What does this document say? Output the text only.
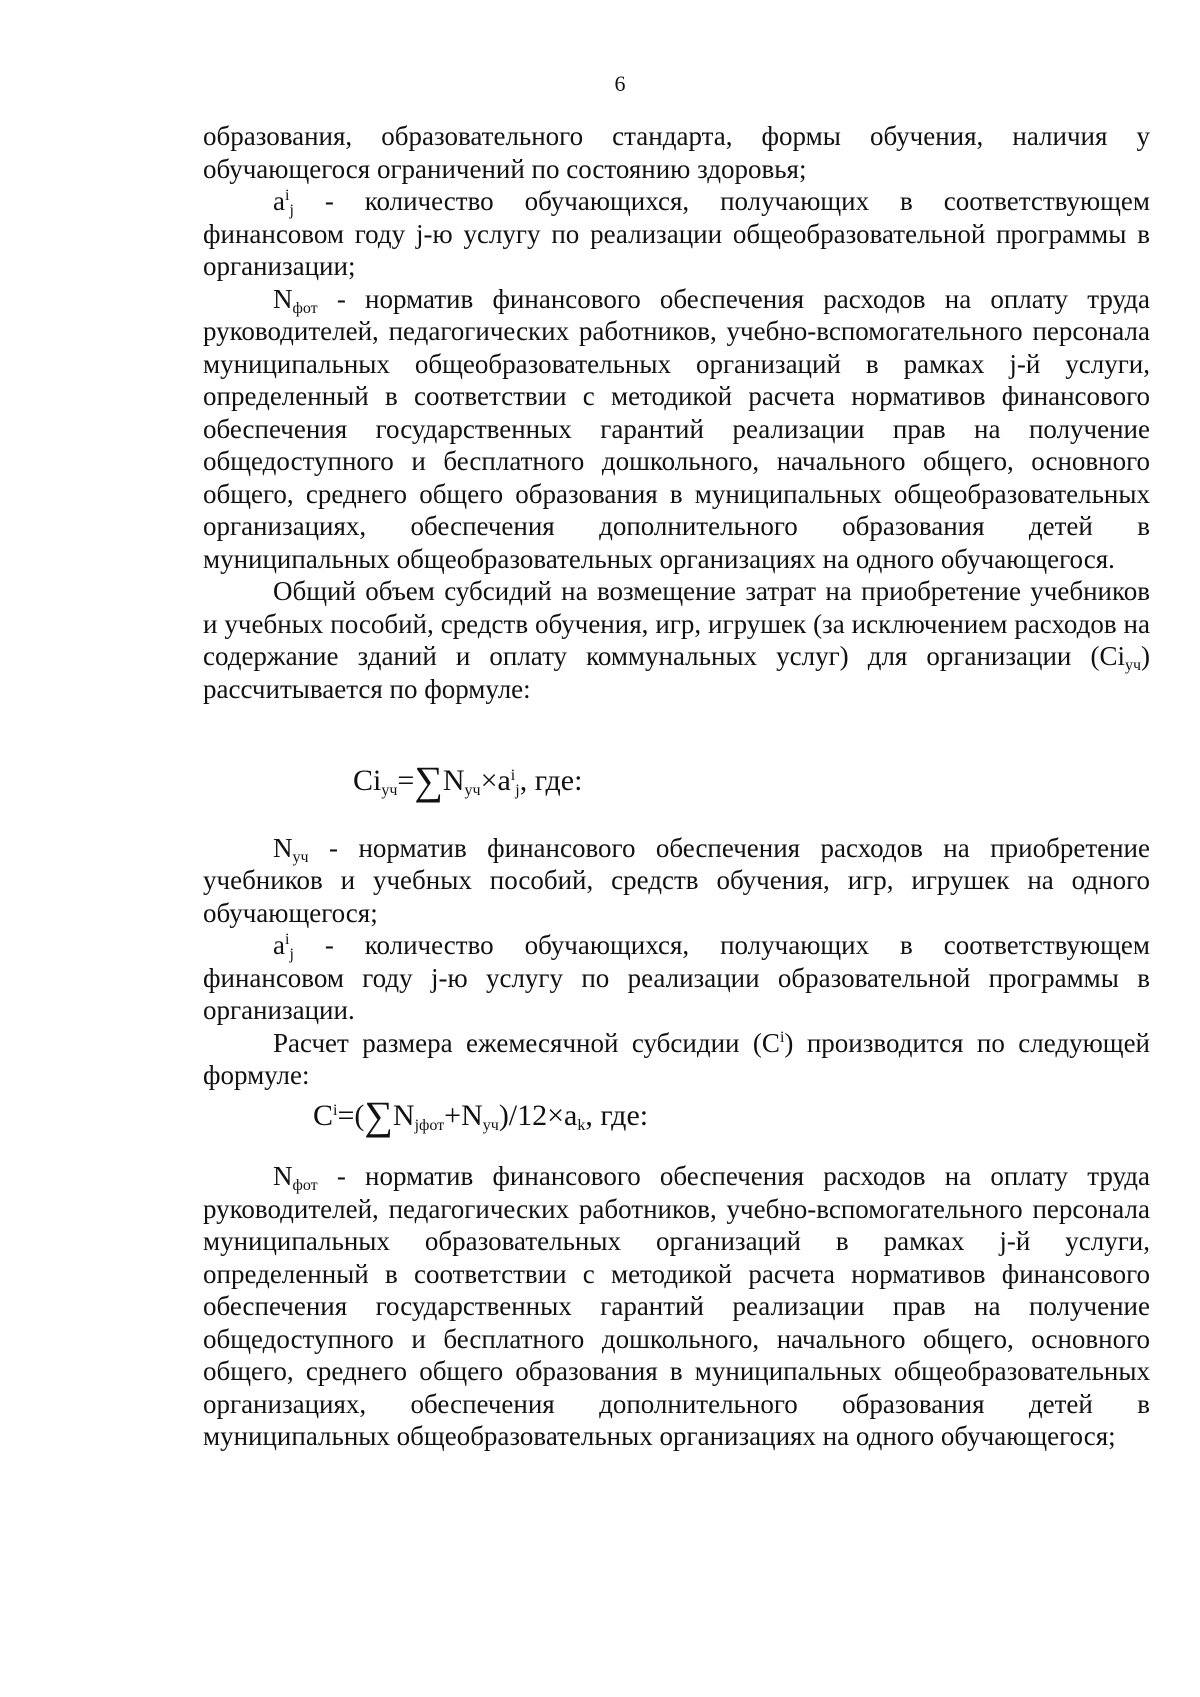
6

образования, образовательного стандарта, формы обучения, наличия у обучающегося ограничений по состоянию здоровья;

$a^i_j$ - количество обучающихся, получающих в соответствующем финансовом году j-ю услугу по реализации общеобразовательной программы в организации;

$N_{фот}$ - норматив финансового обеспечения расходов на оплату труда руководителей, педагогических работников, учебно-вспомогательного персонала муниципальных общеобразовательных организаций в рамках j-й услуги, определенный в соответствии с методикой расчета нормативов финансового обеспечения государственных гарантий реализации прав на получение общедоступного и бесплатного дошкольного, начального общего, основного общего, среднего общего образования в муниципальных общеобразовательных организациях, обеспечения дополнительного образования детей в муниципальных общеобразовательных организациях на одного обучающегося.

Общий объем субсидий на возмещение затрат на приобретение учебников и учебных пособий, средств обучения, игр, игрушек (за исключением расходов на содержание зданий и оплату коммунальных услуг) для организации $(Ci_{уч})$ рассчитывается по формуле:

$Ci_{уч}=\sum N_{уч}\times a^i_j$, где:

$N_{уч}$ - норматив финансового обеспечения расходов на приобретение учебников и учебных пособий, средств обучения, игр, игрушек на одного обучающегося;

$a^i_j$ - количество обучающихся, получающих в соответствующем финансовом году j-ю услугу по реализации образовательной программы в организации.

Расчет размера ежемесячной субсидии $(C^i)$ производится по следующей формуле:

$C^i=(\sum N_{jфот}+N_{уч})/12\times a_k$, где:

$N_{фот}$ - норматив финансового обеспечения расходов на оплату труда руководителей, педагогических работников, учебно-вспомогательного персонала муниципальных образовательных организаций в рамках j-й услуги, определенный в соответствии с методикой расчета нормативов финансового обеспечения государственных гарантий реализации прав на получение общедоступного и бесплатного дошкольного, начального общего, основного общего, среднего общего образования в муниципальных общеобразовательных организациях, обеспечения дополнительного образования детей в муниципальных общеобразовательных организациях на одного обучающегося;
